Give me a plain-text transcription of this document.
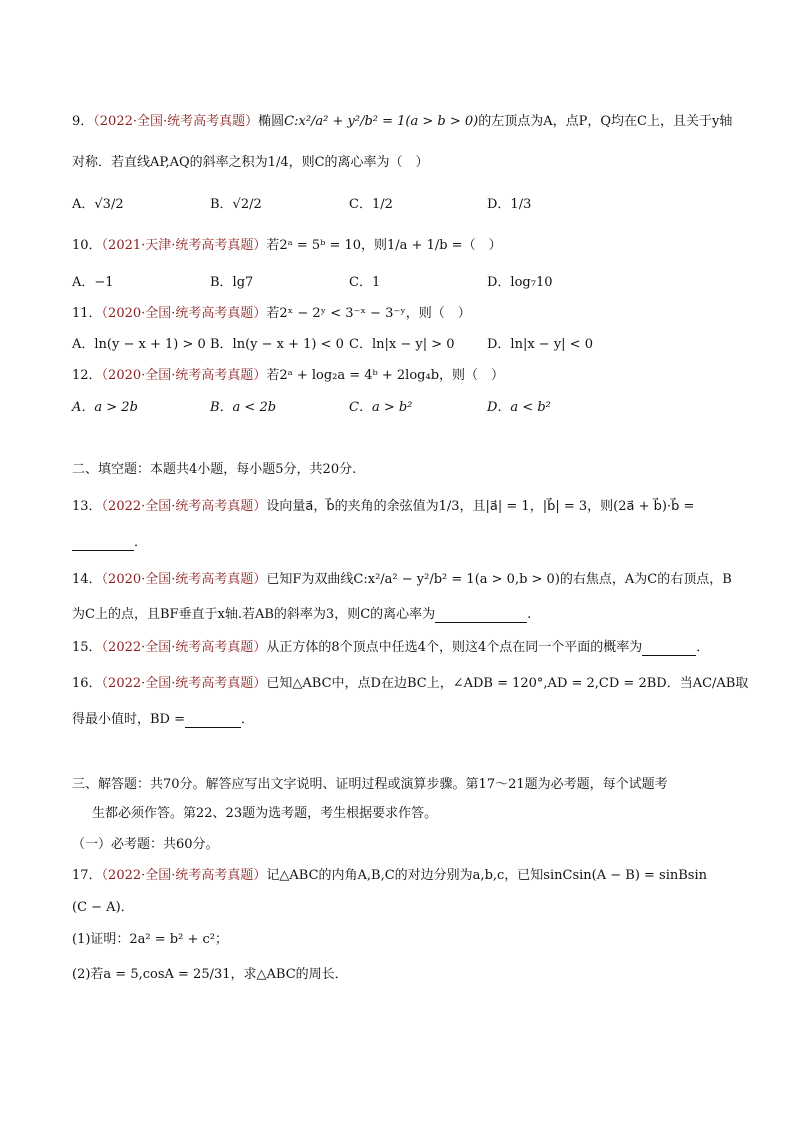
9．（2022·全国·统考高考真题）椭圆C:x²/a² + y²/b² = 1(a > b > 0)的左顶点为A，点P，Q均在C上，且关于y轴
对称．若直线AP,AQ的斜率之积为1/4，则C的离心率为（　）
A．√3/2	B．√2/2	C．1/2	D．1/3
10．（2021·天津·统考高考真题）若2ᵃ = 5ᵇ = 10，则1/a + 1/b =（　）
A．−1	B．lg7	C．1	D．log₇10
11．（2020·全国·统考高考真题）若2ˣ − 2ʸ < 3⁻ˣ − 3⁻ʸ，则（　）
A．ln(y − x + 1) > 0 B．ln(y − x + 1) < 0 C．ln|x − y| > 0	D．ln|x − y| < 0
12．（2020·全国·统考高考真题）若2ᵃ + log₂a = 4ᵇ + 2log₄b，则（　）
A．a > 2b	B．a < 2b	C．a > b²	D．a < b²
二、填空题：本题共4小题，每小题5分，共20分.
13．（2022·全国·统考高考真题）设向量a⃗，b⃗的夹角的余弦值为1/3，且|a⃗| = 1，|b⃗| = 3，则(2a⃗ + b⃗)·b⃗ =
．
14．（2020·全国·统考高考真题）已知F为双曲线C:x²/a² − y²/b² = 1(a > 0,b > 0)的右焦点，A为C的右顶点，B
为C上的点，且BF垂直于x轴.若AB的斜率为3，则C的离心率为	.
15．（2022·全国·统考高考真题）从正方体的8个顶点中任选4个，则这4个点在同一个平面的概率为	．
16．（2022·全国·统考高考真题）已知△ABC中，点D在边BC上，∠ADB = 120°,AD = 2,CD = 2BD．当AC/AB取
得最小值时，BD =	．
三、解答题：共70分。解答应写出文字说明、证明过程或演算步骤。第17～21题为必考题，每个试题考
生都必须作答。第22、23题为选考题，考生根据要求作答。
（一）必考题：共60分。
17．（2022·全国·统考高考真题）记△ABC的内角A,B,C的对边分别为a,b,c，已知sinCsin(A − B) = sinBsin
(C − A)．
(1)证明：2a² = b² + c²；
(2)若a = 5,cosA = 25/31，求△ABC的周长．
